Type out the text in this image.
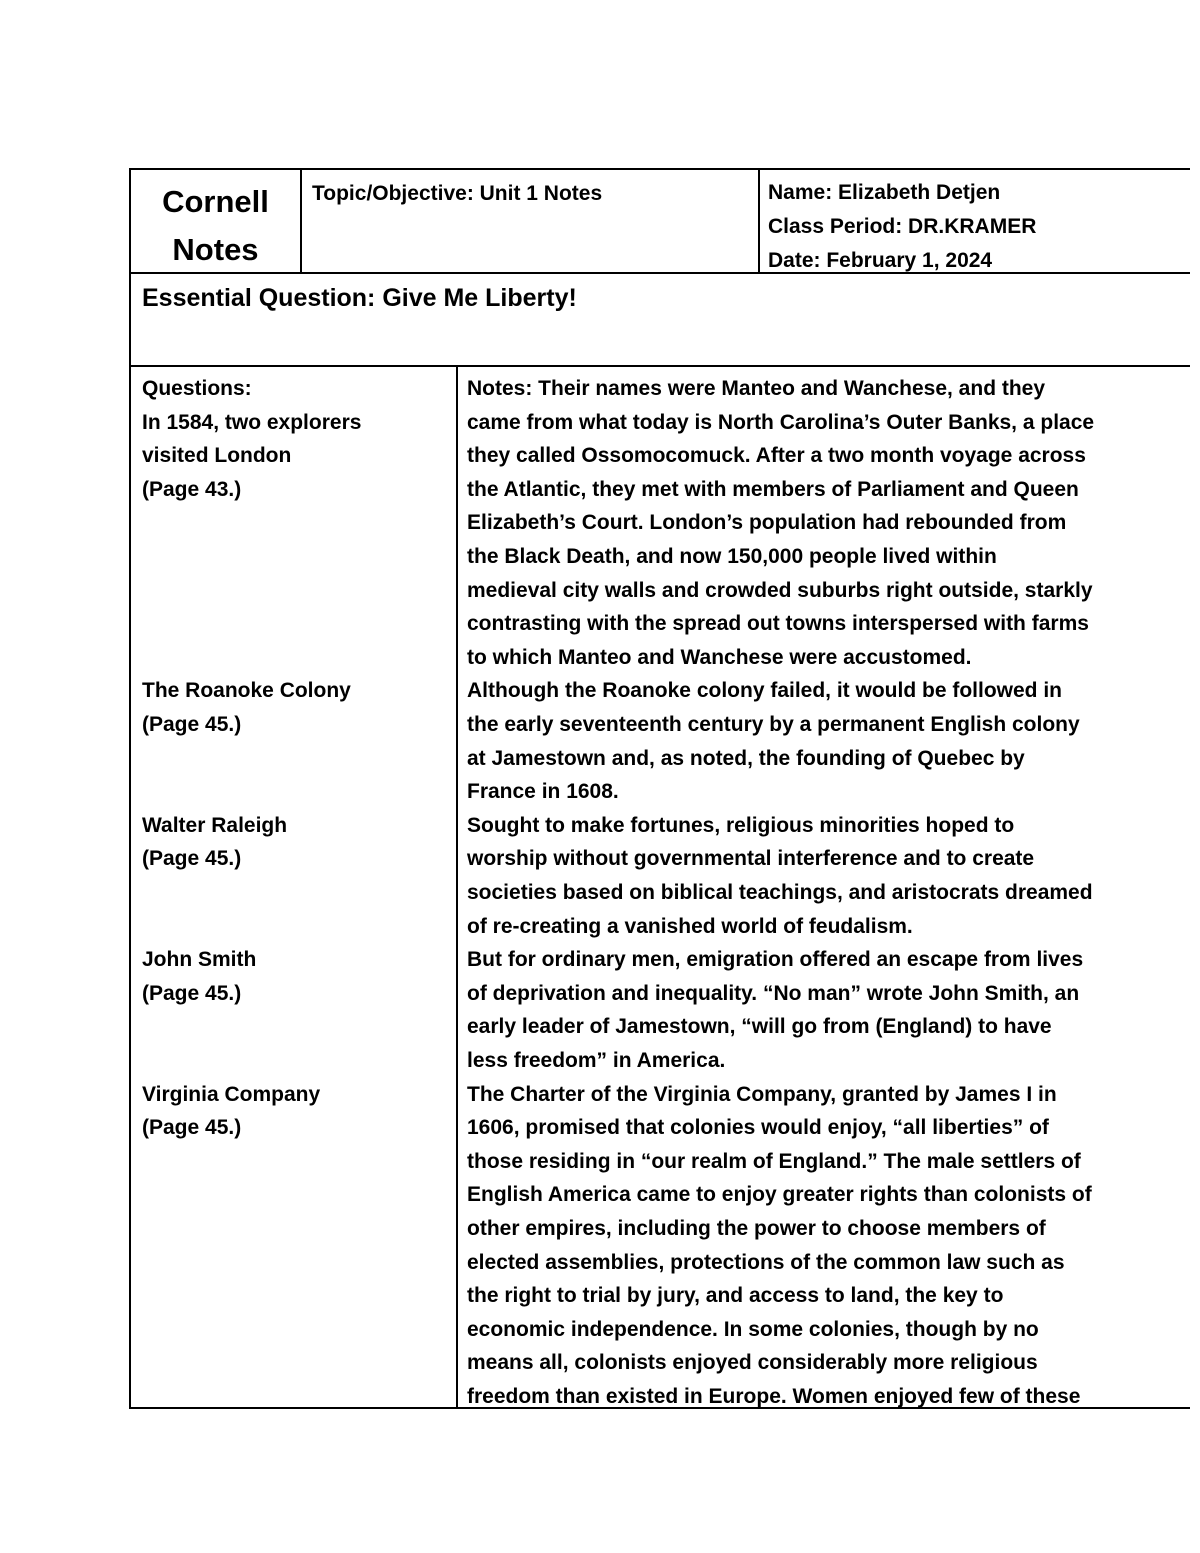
Cornell
Notes
Topic/Objective: Unit 1 Notes	Name: Elizabeth Detjen
Class Period: DR.KRAMER
Date: February 1, 2024
Essential Question: Give Me Liberty!
Questions:
In 1584, two explorers
visited London
(Page 43.)
The Roanoke Colony
(Page 45.)
Walter Raleigh
(Page 45.)
John Smith
(Page 45.)
Virginia Company
(Page 45.)
Notes: Their names were Manteo and Wanchese, and they
came from what today is North Carolina’s Outer Banks, a place
they called Ossomocomuck. After a two month voyage across
the Atlantic, they met with members of Parliament and Queen
Elizabeth’s Court. London’s population had rebounded from
the Black Death, and now 150,000 people lived within
medieval city walls and crowded suburbs right outside, starkly
contrasting with the spread out towns interspersed with farms
to which Manteo and Wanchese were accustomed.
Although the Roanoke colony failed, it would be followed in
the early seventeenth century by a permanent English colony
at Jamestown and, as noted, the founding of Quebec by
France in 1608.
Sought to make fortunes, religious minorities hoped to
worship without governmental interference and to create
societies based on biblical teachings, and aristocrats dreamed
of re-creating a vanished world of feudalism.
But for ordinary men, emigration offered an escape from lives
of deprivation and inequality. “No man” wrote John Smith, an
early leader of Jamestown, “will go from (England) to have
less freedom” in America.
The Charter of the Virginia Company, granted by James I in
1606, promised that colonies would enjoy, “all liberties” of
those residing in “our realm of England.” The male settlers of
English America came to enjoy greater rights than colonists of
other empires, including the power to choose members of
elected assemblies, protections of the common law such as
the right to trial by jury, and access to land, the key to
economic independence. In some colonies, though by no
means all, colonists enjoyed considerably more religious
freedom than existed in Europe. Women enjoyed few of these
